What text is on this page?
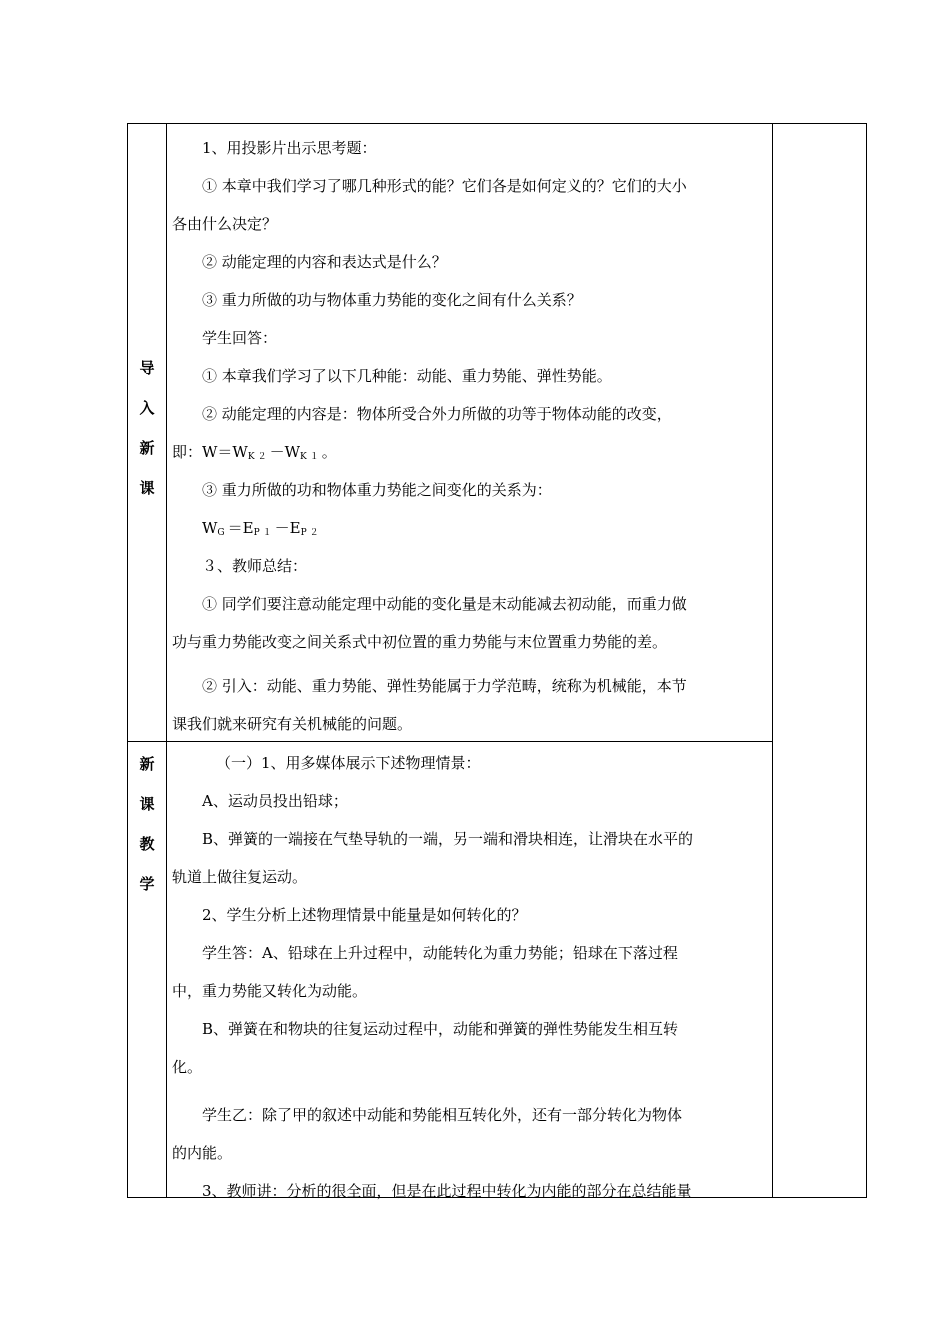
导
入
新
课
1、用投影片出示思考题：
① 本章中我们学习了哪几种形式的能？它们各是如何定义的？它们的大小
各由什么决定？
② 动能定理的内容和表达式是什么？
③ 重力所做的功与物体重力势能的变化之间有什么关系？
学生回答：
① 本章我们学习了以下几种能：动能、重力势能、弹性势能。
② 动能定理的内容是：物体所受合外力所做的功等于物体动能的改变，
即：$W=W_{K2}-W_{K1}$。
③ 重力所做的功和物体重力势能之间变化的关系为：
$W_G=E_{P1}-E_{P2}$
３、教师总结：
① 同学们要注意动能定理中动能的变化量是末动能减去初动能，而重力做
功与重力势能改变之间关系式中初位置的重力势能与末位置重力势能的差。
② 引入：动能、重力势能、弹性势能属于力学范畴，统称为机械能，本节
课我们就来研究有关机械能的问题。
新
课
教
学
（一）1、用多媒体展示下述物理情景：
A、运动员投出铅球；
B、弹簧的一端接在气垫导轨的一端，另一端和滑块相连，让滑块在水平的
轨道上做往复运动。
2、学生分析上述物理情景中能量是如何转化的？
学生答：A、铅球在上升过程中，动能转化为重力势能；铅球在下落过程
中，重力势能又转化为动能。
B、弹簧在和物块的往复运动过程中，动能和弹簧的弹性势能发生相互转
化。
学生乙：除了甲的叙述中动能和势能相互转化外，还有一部分转化为物体
的内能。
3、教师讲：分析的很全面，但是在此过程中转化为内能的部分在总结能量
